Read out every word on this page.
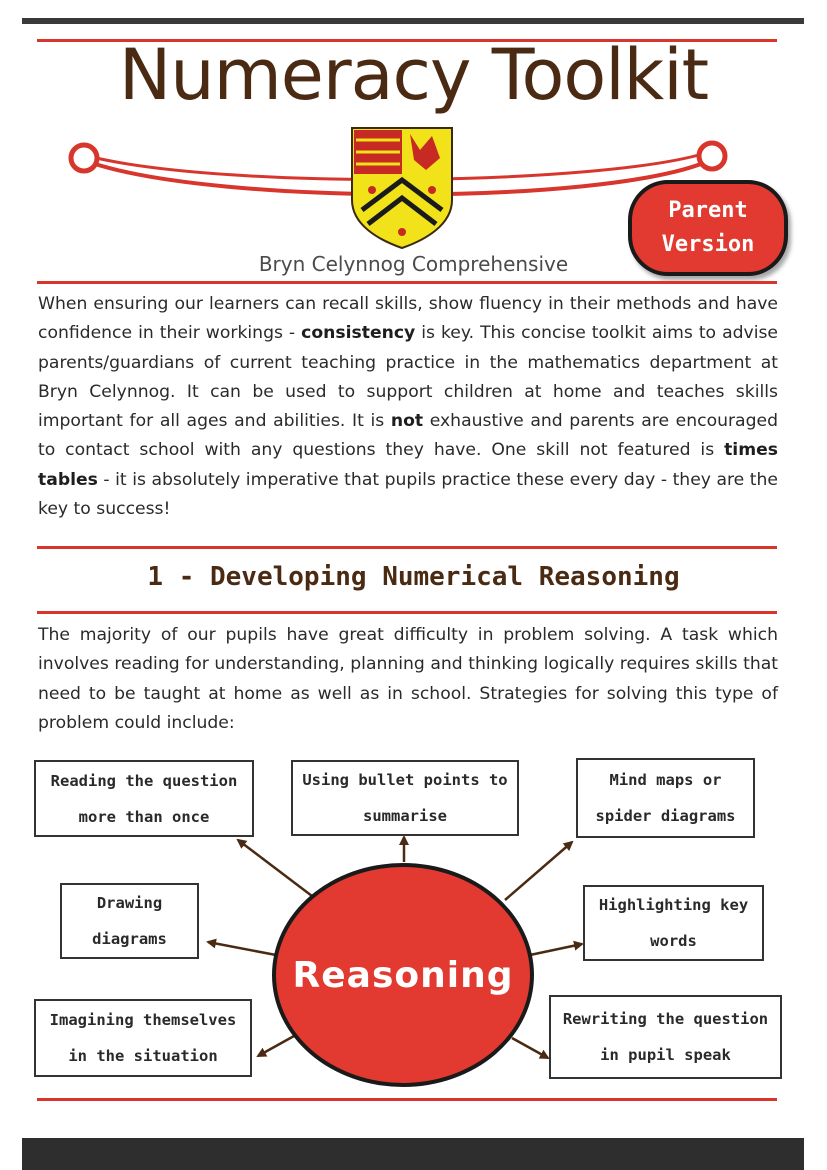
Numeracy Toolkit
Parent
Version
Bryn Celynnog Comprehensive

When ensuring our learners can recall skills, show fluency in their methods and have confidence in their workings - consistency is key. This concise toolkit aims to advise parents/guardians of current teaching practice in the mathematics department at Bryn Celynnog. It can be used to support children at home and teaches skills important for all ages and abilities. It is not exhaustive and parents are encouraged to contact school with any questions they have. One skill not featured is times tables - it is absolutely imperative that pupils practice these every day - they are the key to success!

1 - Developing Numerical Reasoning

The majority of our pupils have great difficulty in problem solving. A task which involves reading for understanding, planning and thinking logically requires skills that need to be taught at home as well as in school. Strategies for solving this type of problem could include:

Reading the question more than once
Using bullet points to summarise
Mind maps or spider diagrams
Drawing diagrams
Highlighting key words
Imagining themselves in the situation
Rewriting the question in pupil speak
Reasoning
